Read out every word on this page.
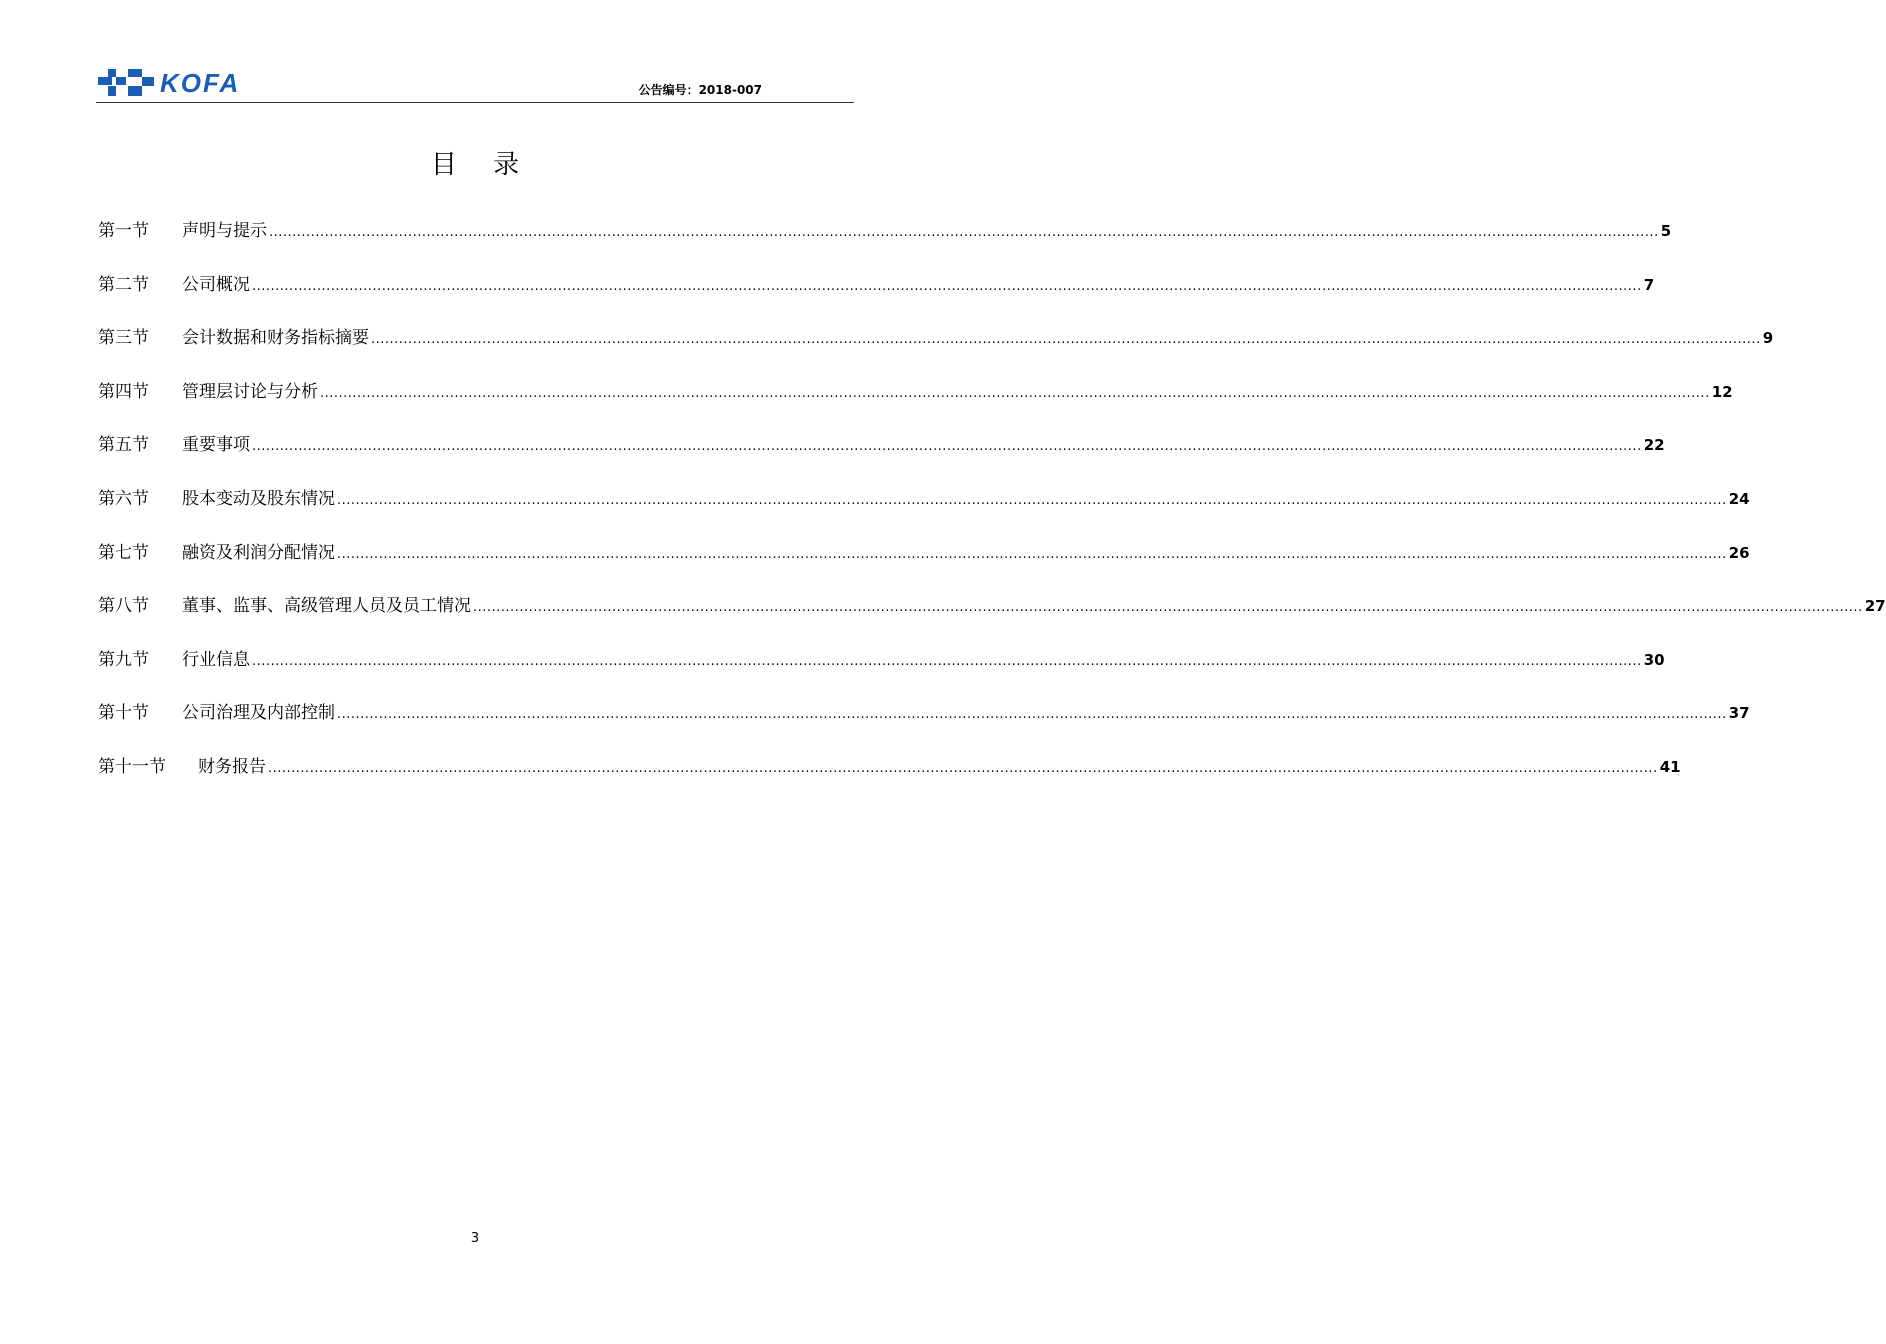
KOFA	公告编号：2018-007
目 录
第一节	声明与提示 ............................................................................................................................................................................................................................................................................................................ 5
第二节	公司概况 ............................................................................................................................................................................................................................................................................................................ 7
第三节	会计数据和财务指标摘要 ............................................................................................................................................................................................................................................................................................................ 9
第四节	管理层讨论与分析 ............................................................................................................................................................................................................................................................................................................ 12
第五节	重要事项 ............................................................................................................................................................................................................................................................................................................ 22
第六节	股本变动及股东情况 ............................................................................................................................................................................................................................................................................................................ 24
第七节	融资及利润分配情况 ............................................................................................................................................................................................................................................................................................................ 26
第八节	董事、监事、高级管理人员及员工情况 ............................................................................................................................................................................................................................................................................................................ 27
第九节	行业信息 ............................................................................................................................................................................................................................................................................................................ 30
第十节	公司治理及内部控制 ............................................................................................................................................................................................................................................................................................................ 37
第十一节	财务报告 ............................................................................................................................................................................................................................................................................................................ 41
3
